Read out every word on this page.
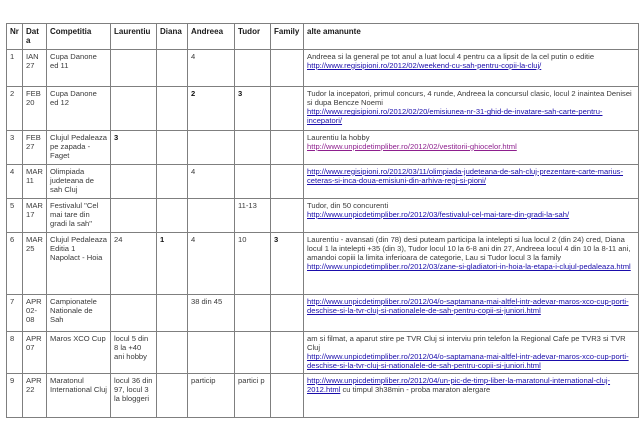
Nr	Data	Competitia	Laurentiu	Diana	Andreea	Tudor	Family	alte amanunte
1	IAN 27	Cupa Danone ed 11			4			Andreea si la general pe tot anul a luat locul 4 pentru ca a lipsit de la cel putin o editie
http://www.regisipioni.ro/2012/02/weekend-cu-sah-pentru-copii-la-cluj/
2	FEB 20	Cupa Danone ed 12			2	3		Tudor la incepatori, primul concurs, 4 runde, Andreea la concursul clasic, locul 2 inaintea Denisei si dupa Bencze Noemi
http://www.regisipioni.ro/2012/02/20/emisiunea-nr-31-ghid-de-invatare-sah-carte-pentru-incepatori/
3	FEB 27	Clujul Pedaleaza pe zapada - Faget	3					Laurentiu la hobby
http://www.unpicdetimpliber.ro/2012/02/vestitorii-ghiocelor.html
4	MAR 11	Olimpiada judeteana de sah Cluj			4			http://www.regisipioni.ro/2012/03/11/olimpiada-judeteana-de-sah-cluj-prezentare-carte-marius-ceteras-si-inca-doua-emisiuni-din-arhiva-regi-si-pioni/
5	MAR 17	Festivalul "Cel mai tare din gradi la sah"				11-13		Tudor, din 50 concurenti
http://www.unpicdetimpliber.ro/2012/03/festivalul-cel-mai-tare-din-gradi-la-sah/
6	MAR 25	Clujul Pedaleaza Editia 1 Napolact - Hoia	24	1	4	10	3	Laurentiu - avansati (din 78) desi puteam participa la intelepti si lua locul 2 (din 24) cred, Diana locul 1 la intelepti +35 (din 3), Tudor locul 10 la 6-8 ani din 27, Andreea locul 4 din 10 la 8-11 ani, amandoi copiii la limita inferioara de categorie, Lau si Tudor locul 3 la family
http://www.unpicdetimpliber.ro/2012/03/zane-si-gladiatori-in-hoia-la-etapa-i-clujul-pedaleaza.html
7	APR 02-08	Campionatele Nationale de Sah			38 din 45			http://www.unpicdetimpliber.ro/2012/04/o-saptamana-mai-altfel-intr-adevar-maros-xco-cup-porti-deschise-si-la-tvr-cluj-si-nationalele-de-sah-pentru-copii-si-juniori.html
8	APR 07	Maros XCO Cup	locul 5 din 8 la +40 ani hobby					am si filmat, a aparut stire pe TVR Cluj si interviu prin telefon la Regional Cafe pe TVR3 si TVR Cluj
http://www.unpicdetimpliber.ro/2012/04/o-saptamana-mai-altfel-intr-adevar-maros-xco-cup-porti-deschise-si-la-tvr-cluj-si-nationalele-de-sah-pentru-copii-si-juniori.html
9	APR 22	Maratonul International Cluj	locul 36 din 97, locul 3 la bloggeri		particip	partici p		http://www.unpicdetimpliber.ro/2012/04/un-pic-de-timp-liber-la-maratonul-international-cluj-2012.html cu timpul 3h38min - proba maraton alergare
